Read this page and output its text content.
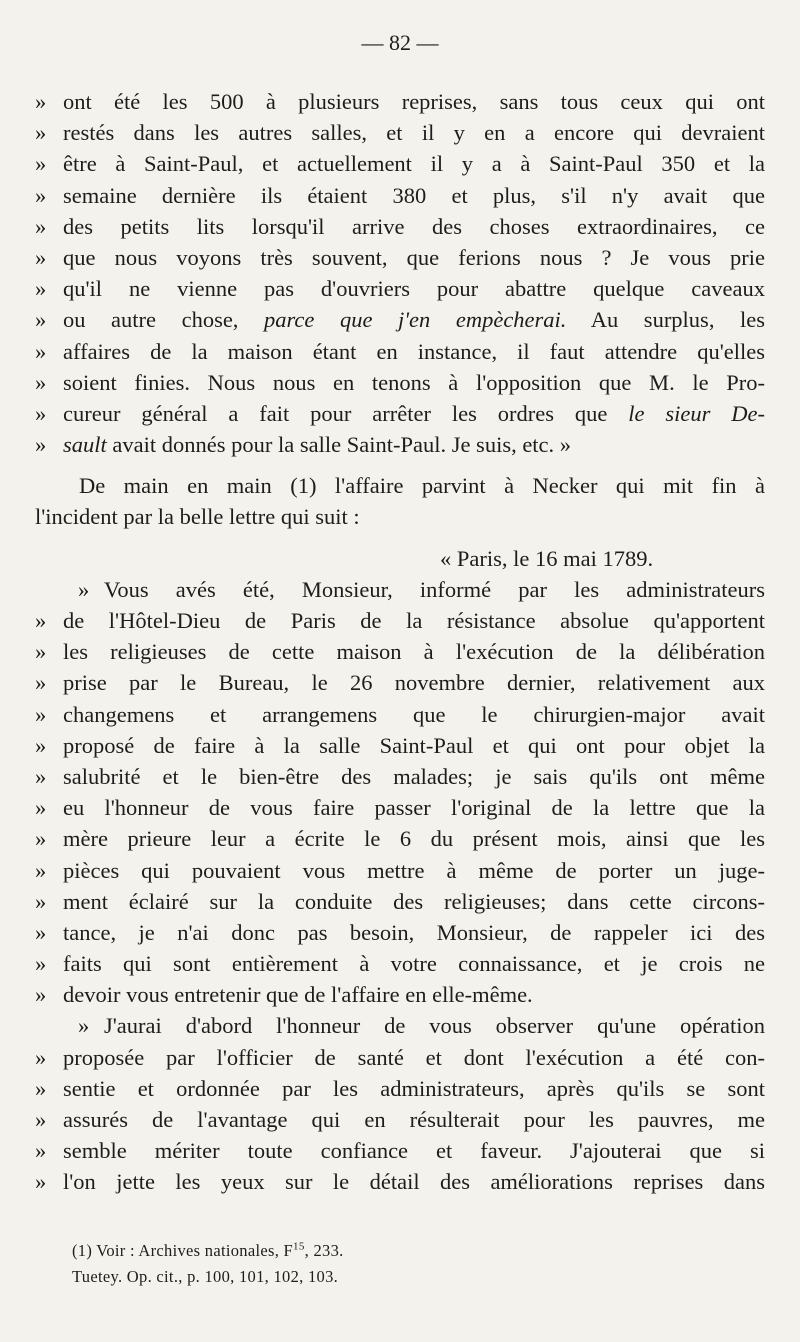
— 82 —
» ont été les 500 à plusieurs reprises, sans tous ceux qui ont
» restés dans les autres salles, et il y en a encore qui devraient
» être à Saint-Paul, et actuellement il y a à Saint-Paul 350 et la
» semaine dernière ils étaient 380 et plus, s'il n'y avait que
» des petits lits lorsqu'il arrive des choses extraordinaires, ce
» que nous voyons très souvent, que ferions nous ? Je vous prie
» qu'il ne vienne pas d'ouvriers pour abattre quelque caveaux
» ou autre chose, parce que j'en empècherai. Au surplus, les
» affaires de la maison étant en instance, il faut attendre qu'elles
» soient finies. Nous nous en tenons à l'opposition que M. le Pro-
» cureur général a fait pour arrêter les ordres que le sieur De-
» sault avait donnés pour la salle Saint-Paul. Je suis, etc. »
De main en main (1) l'affaire parvint à Necker qui mit fin à
l'incident par la belle lettre qui suit :
« Paris, le 16 mai 1789.
» Vous avés été, Monsieur, informé par les administrateurs
» de l'Hôtel-Dieu de Paris de la résistance absolue qu'apportent
» les religieuses de cette maison à l'exécution de la délibération
» prise par le Bureau, le 26 novembre dernier, relativement aux
» changemens et arrangemens que le chirurgien-major avait
» proposé de faire à la salle Saint-Paul et qui ont pour objet la
» salubrité et le bien-être des malades; je sais qu'ils ont même
» eu l'honneur de vous faire passer l'original de la lettre que la
» mère prieure leur a écrite le 6 du présent mois, ainsi que les
» pièces qui pouvaient vous mettre à même de porter un juge-
» ment éclairé sur la conduite des religieuses; dans cette circons-
» tance, je n'ai donc pas besoin, Monsieur, de rappeler ici des
» faits qui sont entièrement à votre connaissance, et je crois ne
» devoir vous entretenir que de l'affaire en elle-même.
» J'aurai d'abord l'honneur de vous observer qu'une opération
» proposée par l'officier de santé et dont l'exécution a été con-
» sentie et ordonnée par les administrateurs, après qu'ils se sont
» assurés de l'avantage qui en résulterait pour les pauvres, me
» semble mériter toute confiance et faveur. J'ajouterai que si
» l'on jette les yeux sur le détail des améliorations reprises dans
(1) Voir : Archives nationales, $F^{15}$, 233.
Tuetey. Op. cit., p. 100, 101, 102, 103.
